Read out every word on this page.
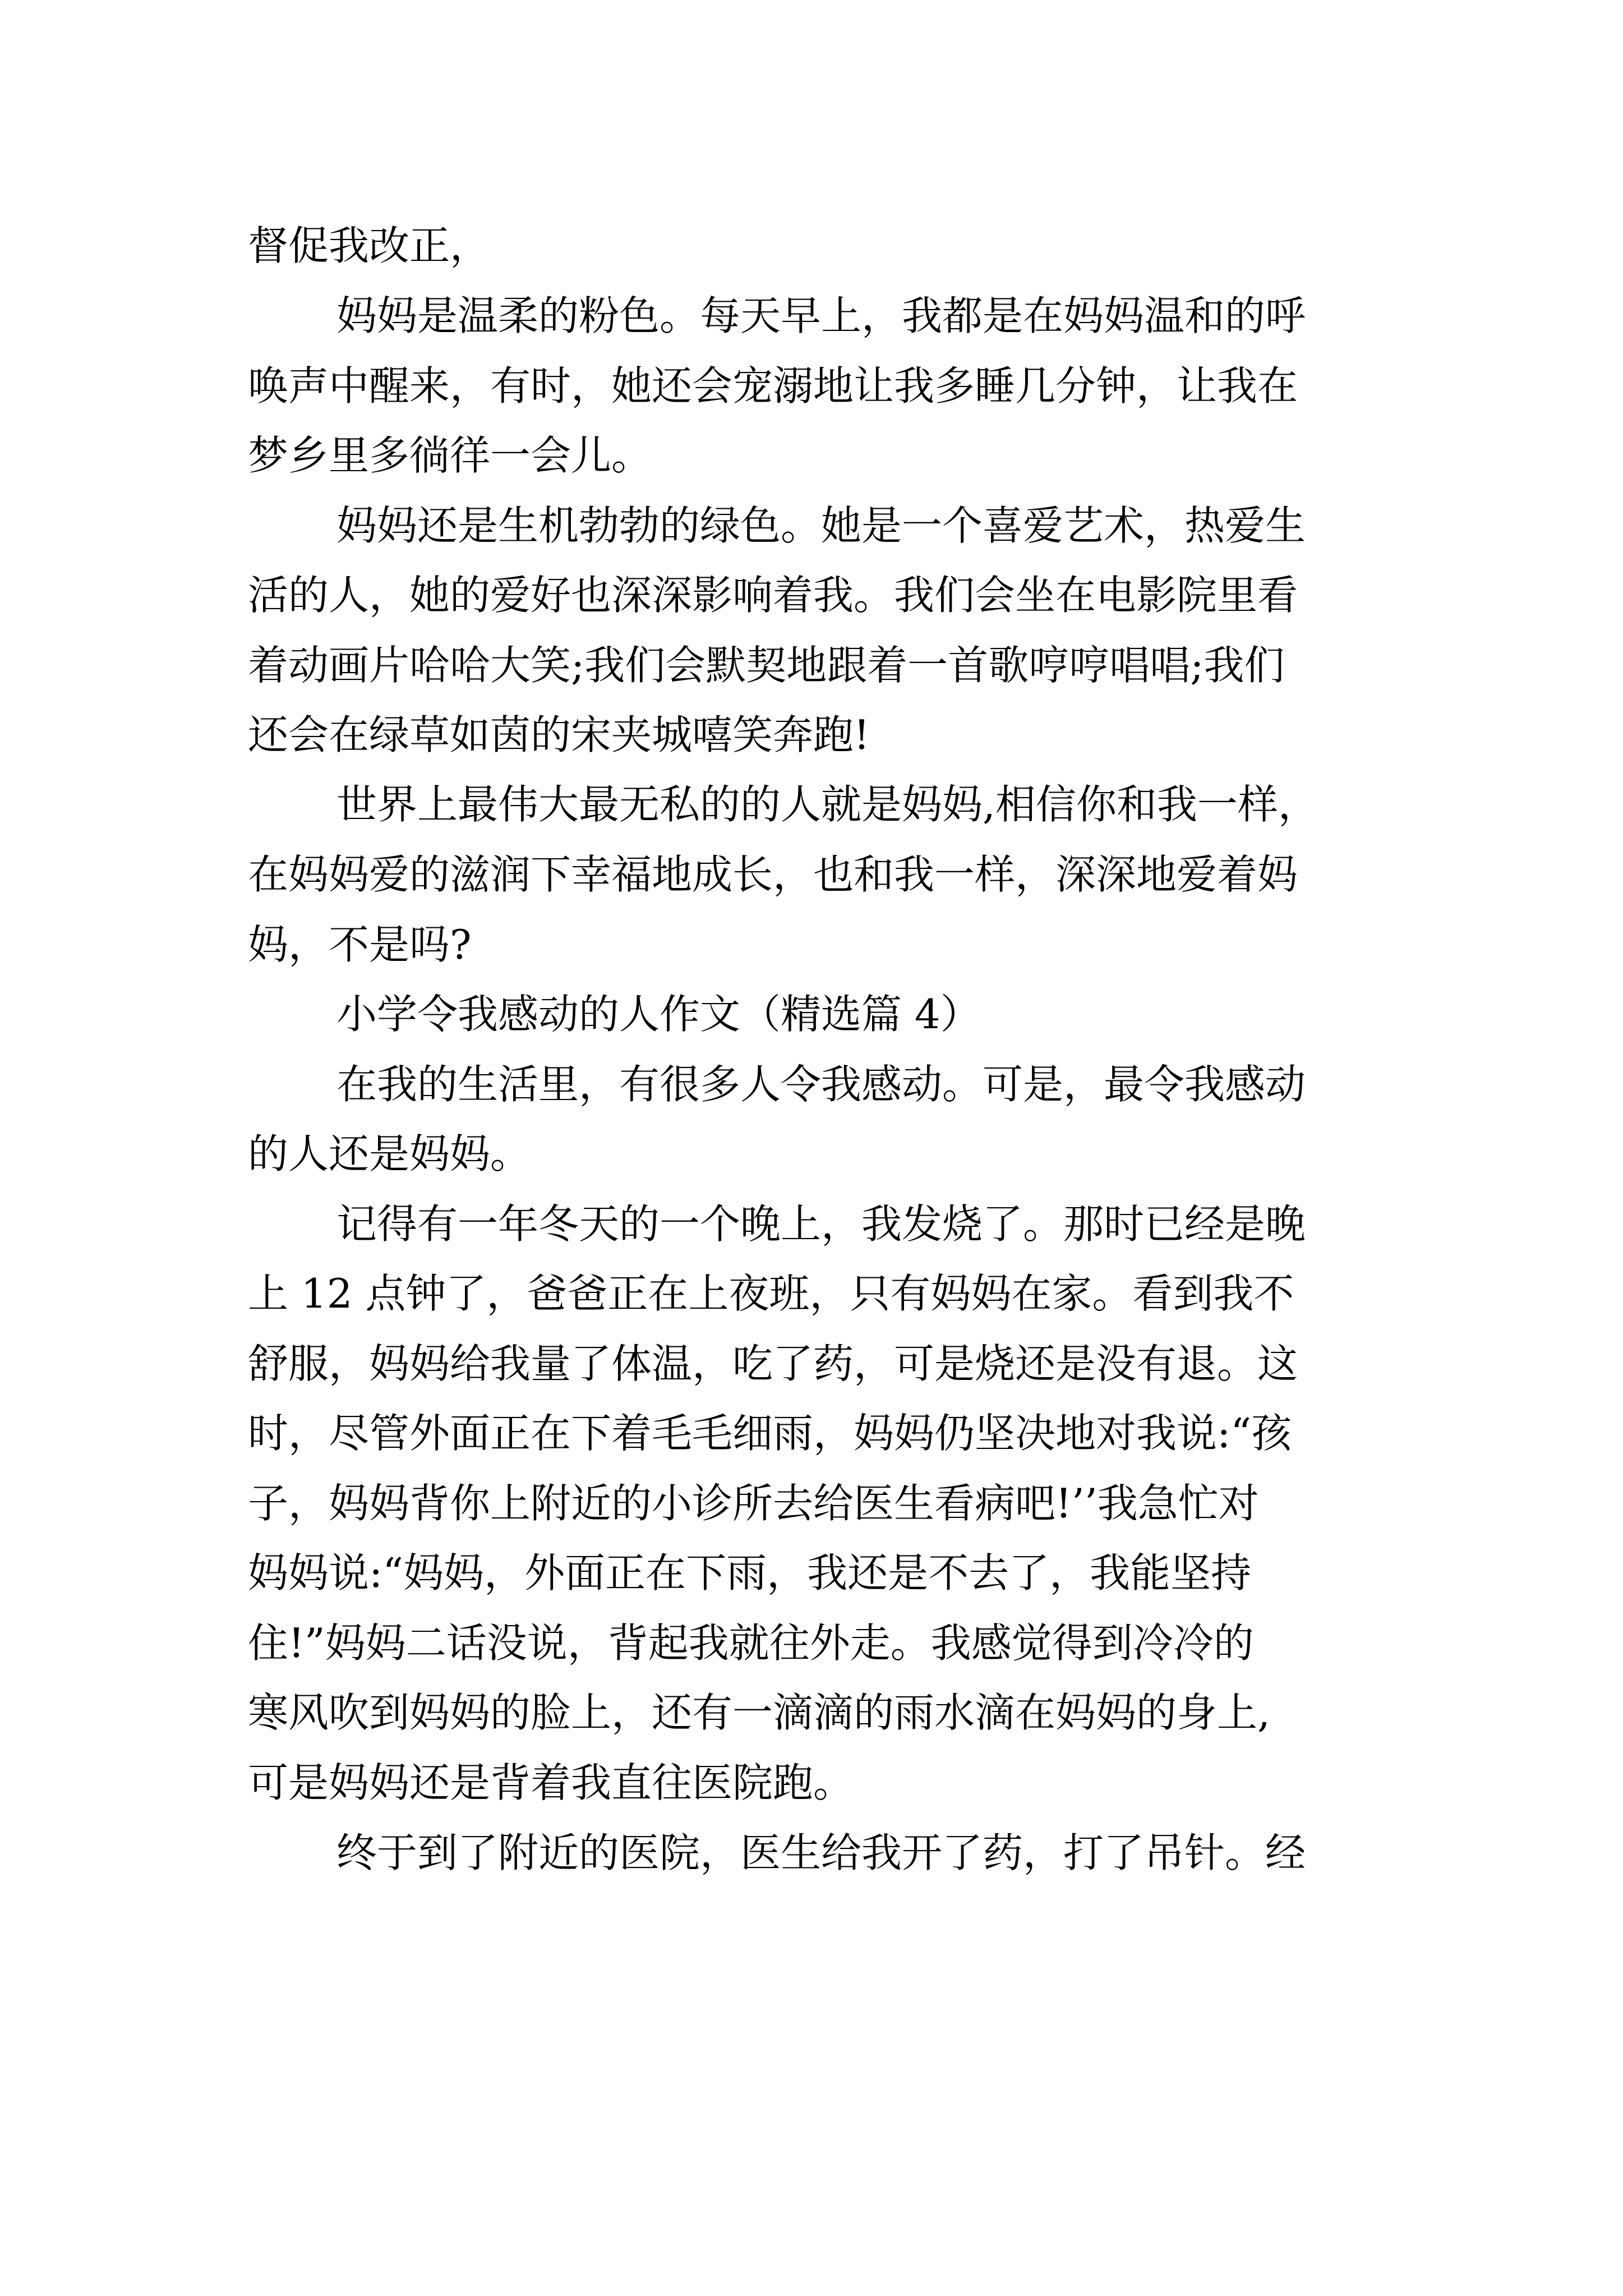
督促我改正，

妈妈是温柔的粉色。每天早上，我都是在妈妈温和的呼

唤声中醒来，有时，她还会宠溺地让我多睡几分钟，让我在

梦乡里多徜徉一会儿。

妈妈还是生机勃勃的绿色。她是一个喜爱艺术，热爱生

活的人，她的爱好也深深影响着我。我们会坐在电影院里看

着动画片哈哈大笑;我们会默契地跟着一首歌哼哼唱唱;我们

还会在绿草如茵的宋夹城嘻笑奔跑!

世界上最伟大最无私的的人就是妈妈,相信你和我一样，

在妈妈爱的滋润下幸福地成长，也和我一样，深深地爱着妈

妈，不是吗?

小学令我感动的人作文（精选篇 4）

在我的生活里，有很多人令我感动。可是，最令我感动

的人还是妈妈。

记得有一年冬天的一个晚上，我发烧了。那时已经是晚

上 12 点钟了，爸爸正在上夜班，只有妈妈在家。看到我不

舒服，妈妈给我量了体温，吃了药，可是烧还是没有退。这

时，尽管外面正在下着毛毛细雨，妈妈仍坚决地对我说:“孩

子，妈妈背你上附近的小诊所去给医生看病吧!’’我急忙对

妈妈说:“妈妈，外面正在下雨，我还是不去了，我能坚持

住!”妈妈二话没说，背起我就往外走。我感觉得到冷冷的

寒风吹到妈妈的脸上，还有一滴滴的雨水滴在妈妈的身上,

可是妈妈还是背着我直往医院跑。

终于到了附近的医院，医生给我开了药，打了吊针。经
